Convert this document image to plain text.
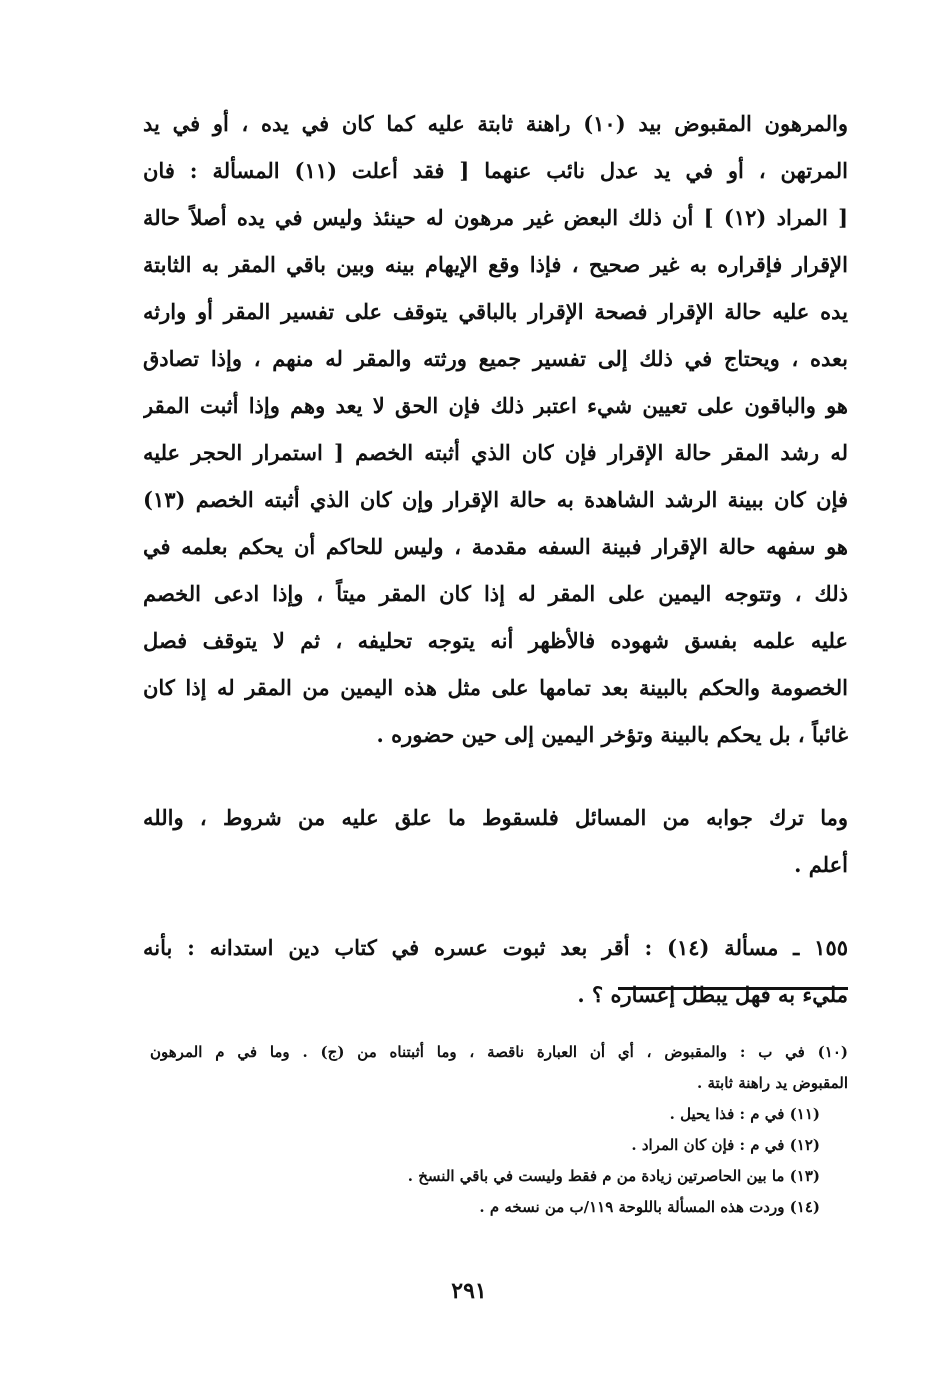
والمرهون المقبوض بيد (١٠) راهنة ثابتة عليه كما كان في يده ، أو في يد
المرتهن ، أو في يد عدل نائب عنهما [ فقد أعلت (١١) المسألة : فان
[ المراد (١٢) ] أن ذلك البعض غير مرهون له حينئذ وليس في يده أصلاً حالة
الإقرار فإقراره به غير صحيح ، فإذا وقع الإيهام بينه وبين باقي المقر به الثابتة
يده عليه حالة الإقرار فصحة الإقرار بالباقي يتوقف على تفسير المقر أو وارثه
بعده ، ويحتاج في ذلك إلى تفسير جميع ورثته والمقر له منهم ، وإذا تصادق
هو والباقون على تعيين شيء اعتبر ذلك فإن الحق لا يعد وهم وإذا أثبت المقر
له رشد المقر حالة الإقرار فإن كان الذي أثبته الخصم [ استمرار الحجر عليه
فإن كان ببينة الرشد الشاهدة به حالة الإقرار وإن كان الذي أثبته الخصم (١٣)
هو سفهه حالة الإقرار فبينة السفه مقدمة ، وليس للحاكم أن يحكم بعلمه في
ذلك ، وتتوجه اليمين على المقر له إذا كان المقر ميتاً ، وإذا ادعى الخصم
عليه علمه بفسق شهوده فالأظهر أنه يتوجه تحليفه ، ثم لا يتوقف فصل
الخصومة والحكم بالبينة بعد تمامها على مثل هذه اليمين من المقر له إذا كان
غائباً ، بل يحكم بالبينة وتؤخر اليمين إلى حين حضوره .
وما ترك جوابه من المسائل فلسقوط ما علق عليه من شروط ، والله
أعلم .
١٥٥ ـ مسألة (١٤) : أقر بعد ثبوت عسره في كتاب دين استدانه : بأنه
مليء به فهل يبطل إعساره ؟ .
(١٠) في ب : والمقبوض ، أي أن العبارة ناقصة ، وما أثبتناه من (ج) . وما في م المرهون
المقبوض يد راهنة ثابتة .
(١١) في م : فذا يحيل .
(١٢) في م : فإن كان المراد .
(١٣) ما بين الحاصرتين زيادة من م فقط وليست في باقي النسخ .
(١٤) وردت هذه المسألة باللوحة ١١٩/ب من نسخه م .
٢٩١
